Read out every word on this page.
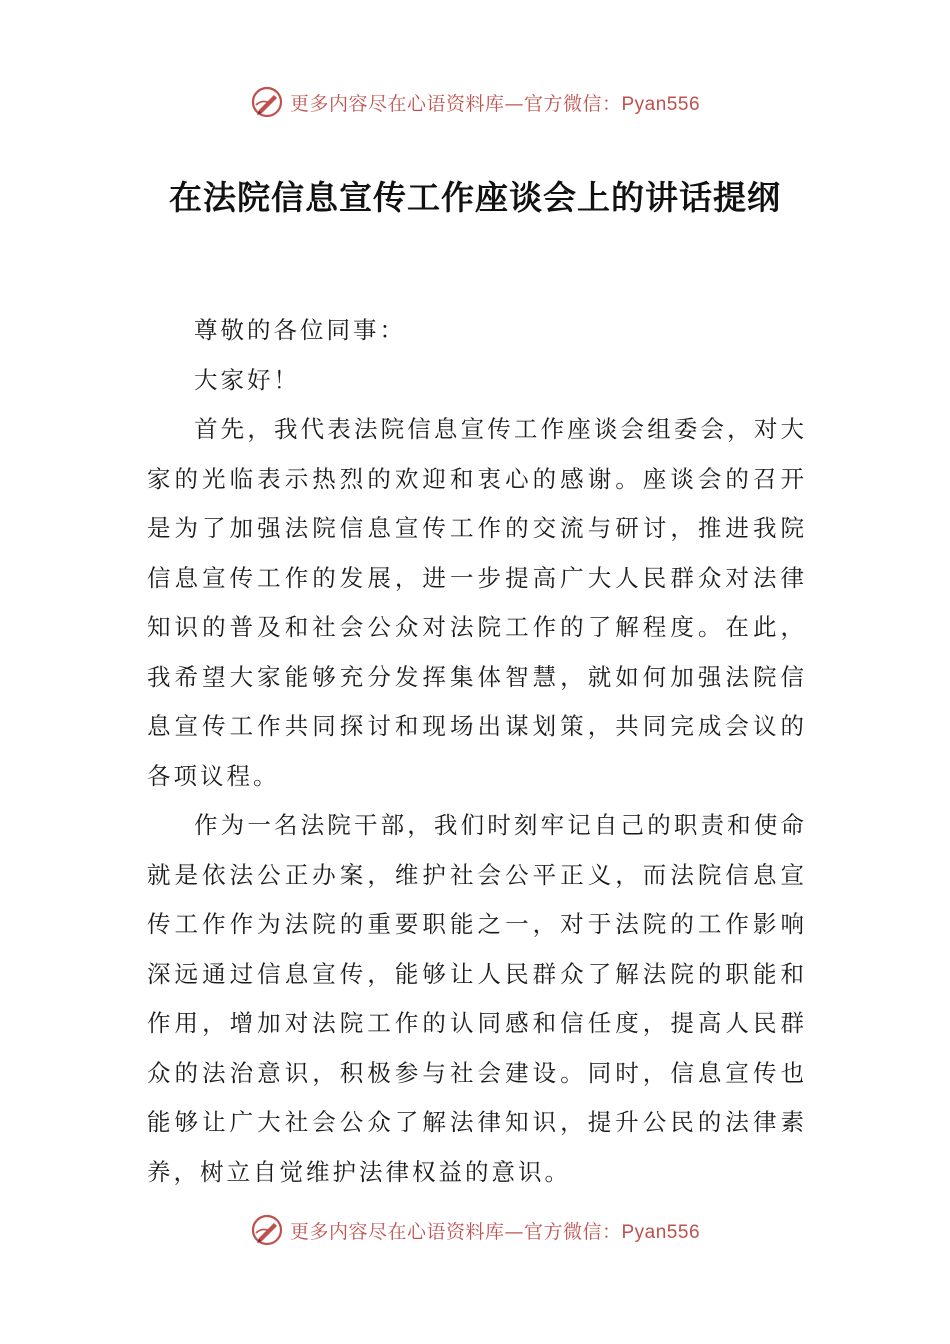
更多内容尽在心语资料库—官方微信：Pyan556
在法院信息宣传工作座谈会上的讲话提纲

尊敬的各位同事：

大家好！

首先，我代表法院信息宣传工作座谈会组委会，对大家的光临表示热烈的欢迎和衷心的感谢。座谈会的召开是为了加强法院信息宣传工作的交流与研讨，推进我院信息宣传工作的发展，进一步提高广大人民群众对法律知识的普及和社会公众对法院工作的了解程度。在此，我希望大家能够充分发挥集体智慧，就如何加强法院信息宣传工作共同探讨和现场出谋划策，共同完成会议的各项议程。

作为一名法院干部，我们时刻牢记自己的职责和使命就是依法公正办案，维护社会公平正义，而法院信息宣传工作作为法院的重要职能之一，对于法院的工作影响深远通过信息宣传，能够让人民群众了解法院的职能和作用，增加对法院工作的认同感和信任度，提高人民群众的法治意识，积极参与社会建设。同时，信息宣传也能够让广大社会公众了解法律知识，提升公民的法律素养，树立自觉维护法律权益的意识。

更多内容尽在心语资料库—官方微信：Pyan556
